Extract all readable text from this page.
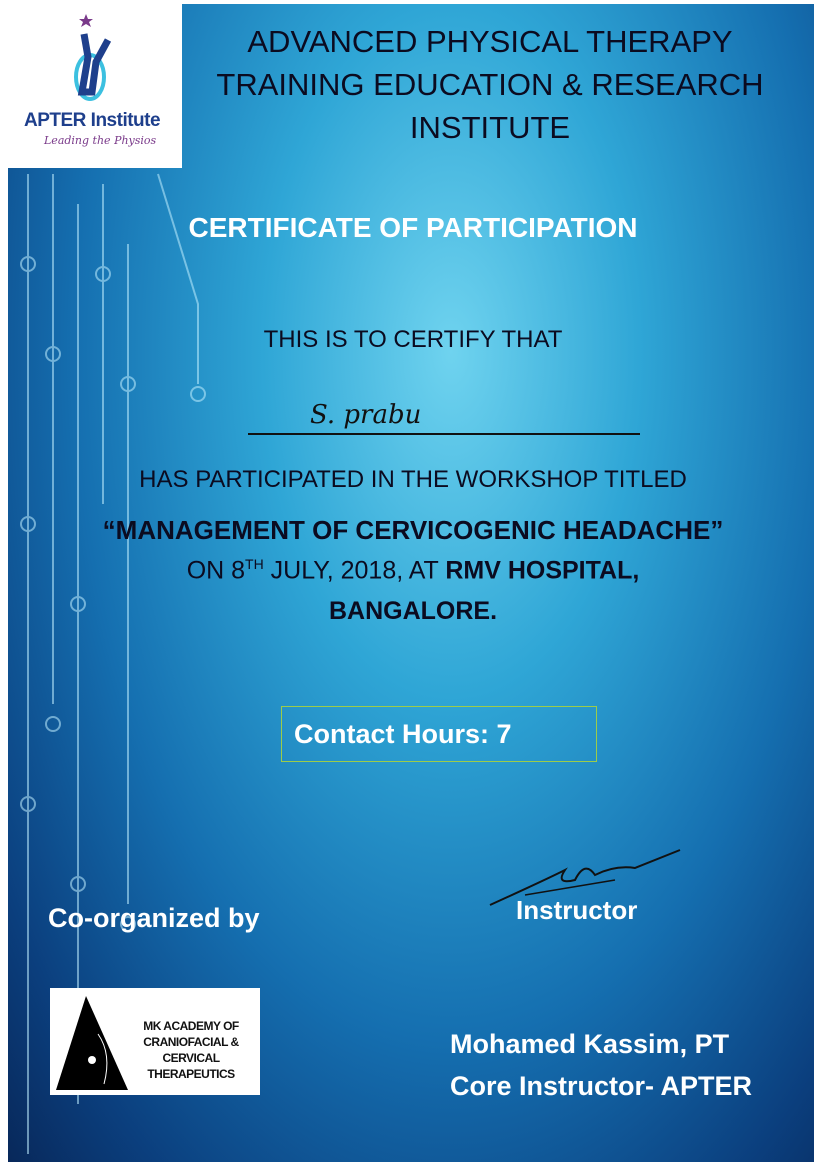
APTER Institute
Leading the Physios
ADVANCED PHYSICAL THERAPY
TRAINING EDUCATION & RESEARCH
INSTITUTE
CERTIFICATE OF PARTICIPATION
THIS IS TO CERTIFY THAT
S. prabu
HAS PARTICIPATED IN THE WORKSHOP TITLED
“MANAGEMENT OF CERVICOGENIC HEADACHE”
ON 8TH JULY, 2018, AT RMV HOSPITAL,
BANGALORE.
Contact Hours: 7
Co-organized by
MK ACADEMY OF
CRANIOFACIAL & CERVICAL
THERAPEUTICS
Instructor
Mohamed Kassim, PT
Core Instructor- APTER
